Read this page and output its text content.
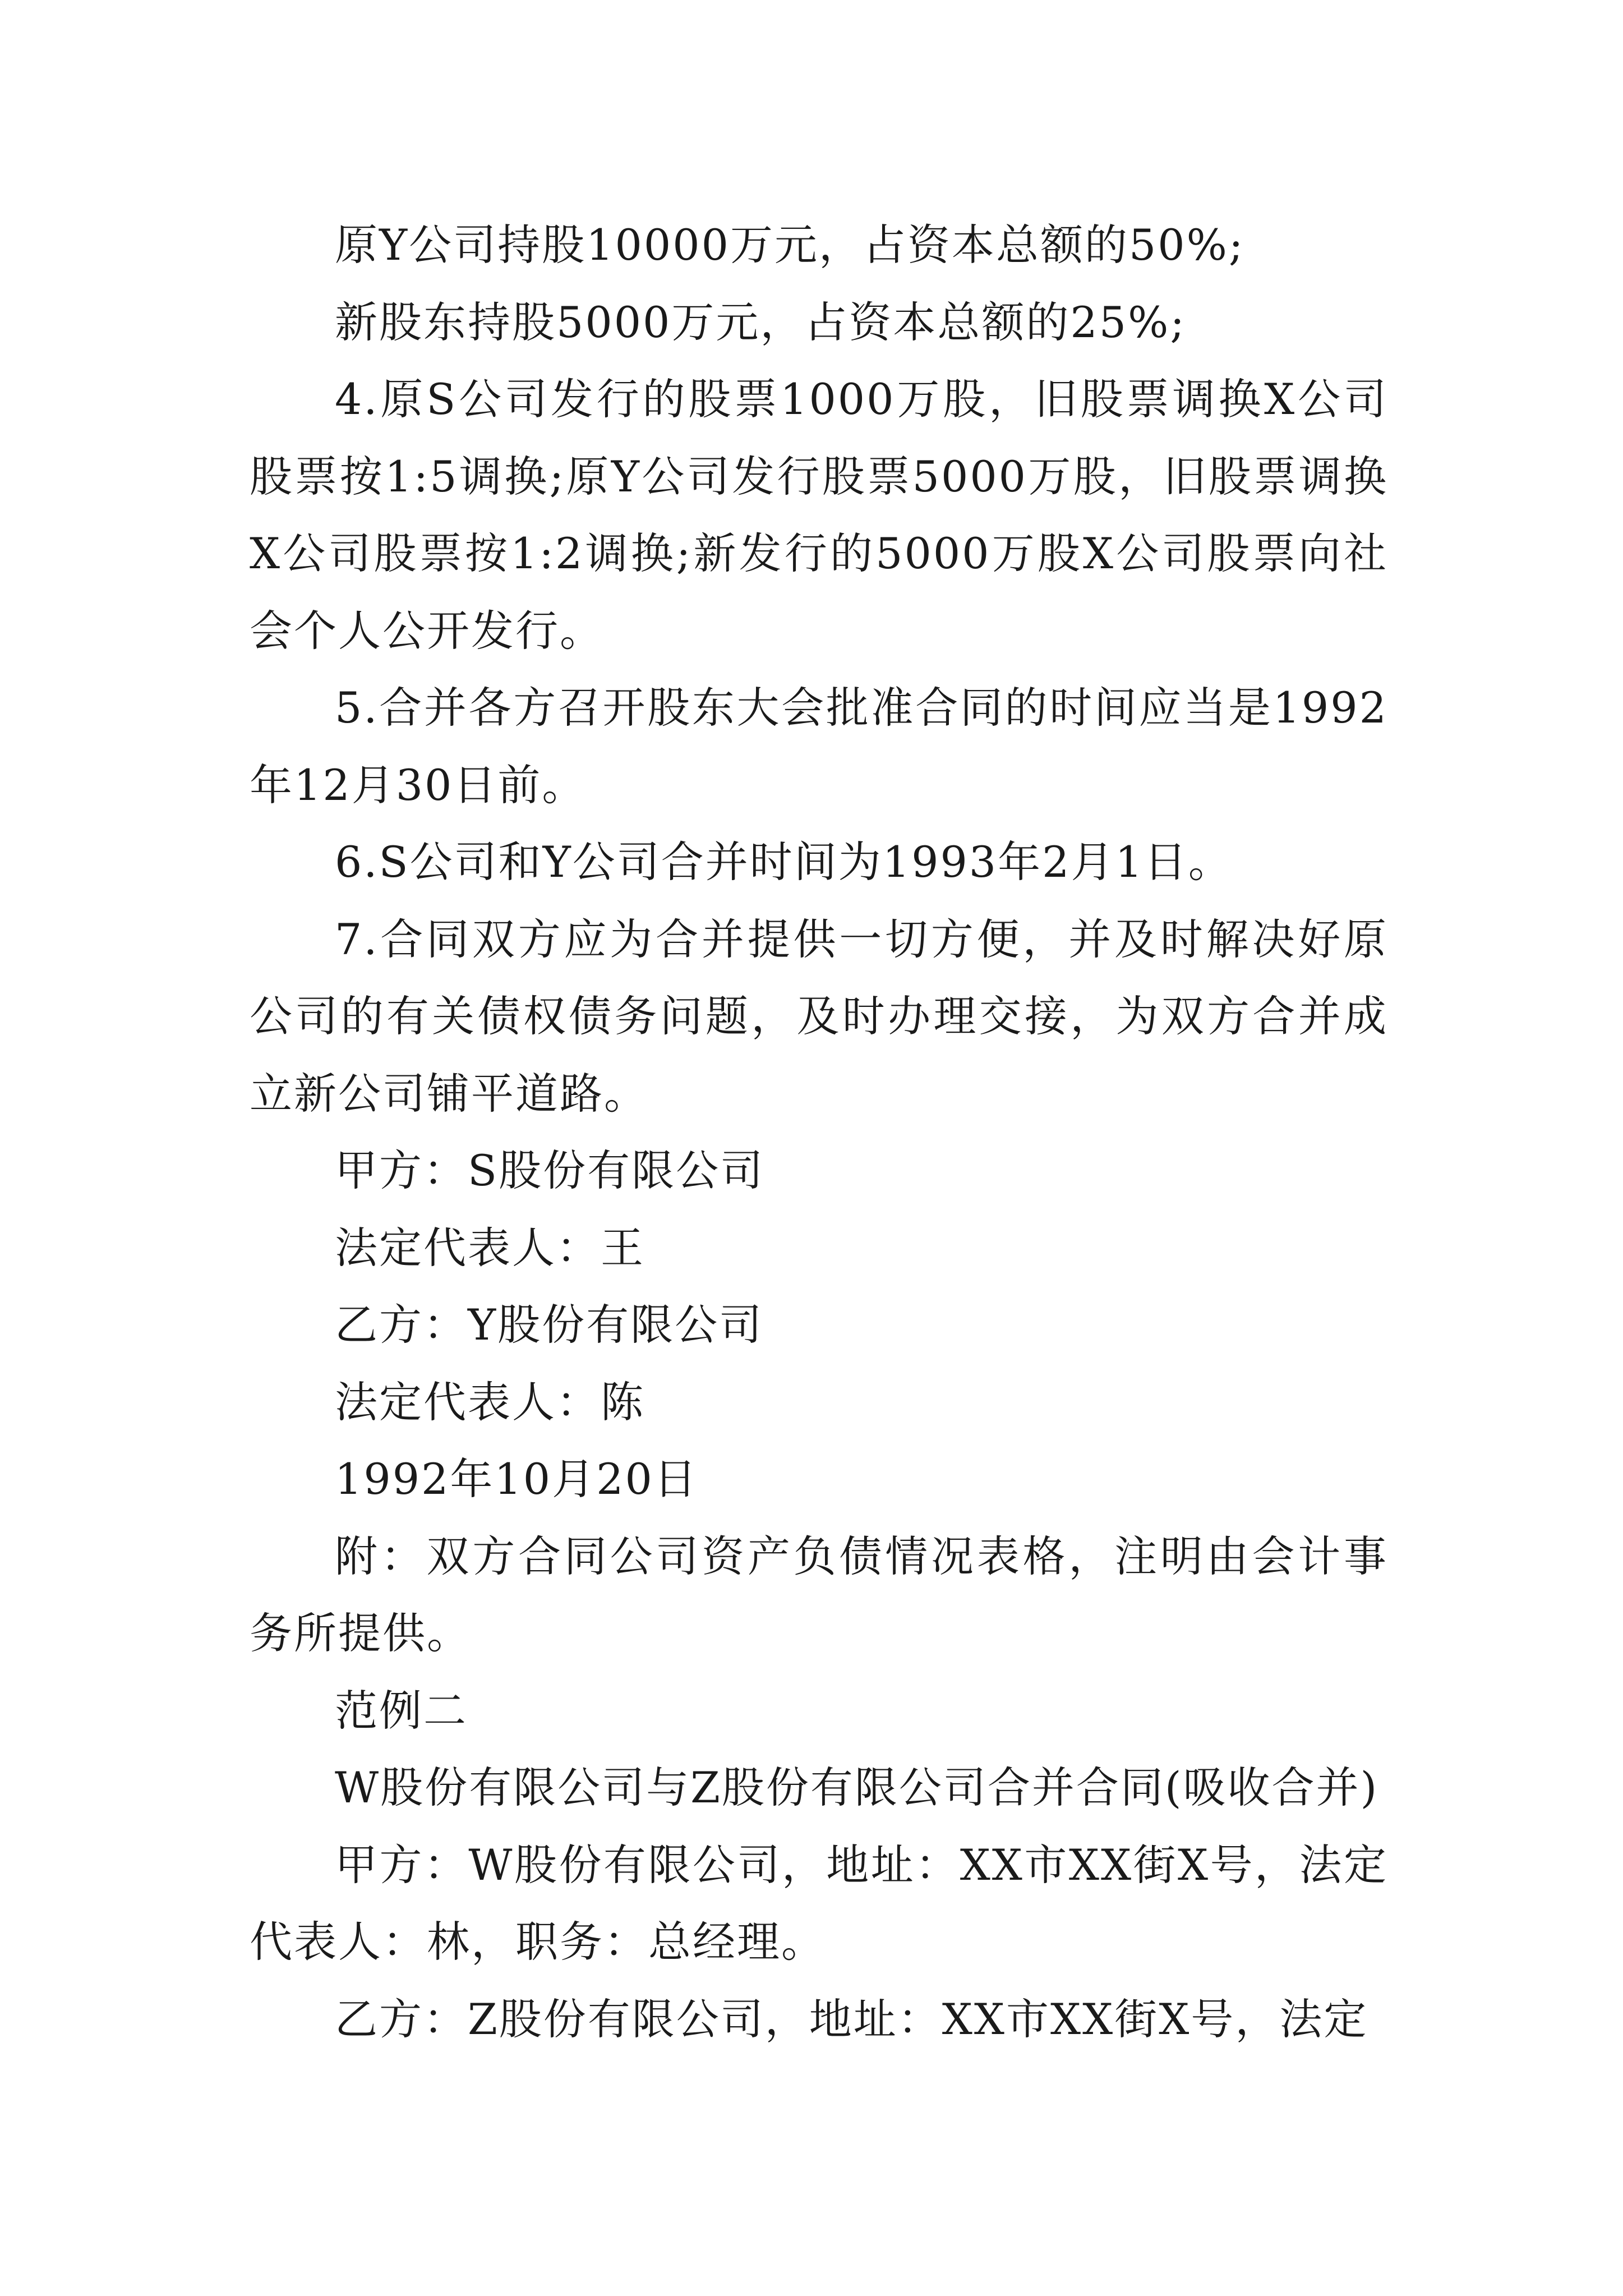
原Y公司持股10000万元，占资本总额的50%;

新股东持股5000万元，占资本总额的25%;

4.原S公司发行的股票1000万股，旧股票调换X公司股票按1:5调换;原Y公司发行股票5000万股，旧股票调换X公司股票按1:2调换;新发行的5000万股X公司股票向社会个人公开发行。

5.合并各方召开股东大会批准合同的时间应当是1992年12月30日前。

6.S公司和Y公司合并时间为1993年2月1日。

7.合同双方应为合并提供一切方便，并及时解决好原公司的有关债权债务问题，及时办理交接，为双方合并成立新公司铺平道路。

甲方：S股份有限公司

法定代表人：王

乙方：Y股份有限公司

法定代表人：陈

1992年10月20日

附：双方合同公司资产负债情况表格，注明由会计事务所提供。

范例二

W股份有限公司与Z股份有限公司合并合同(吸收合并)

甲方：W股份有限公司，地址：XX市XX街X号，法定代表人：林，职务：总经理。

乙方：Z股份有限公司，地址：XX市XX街X号，法定
